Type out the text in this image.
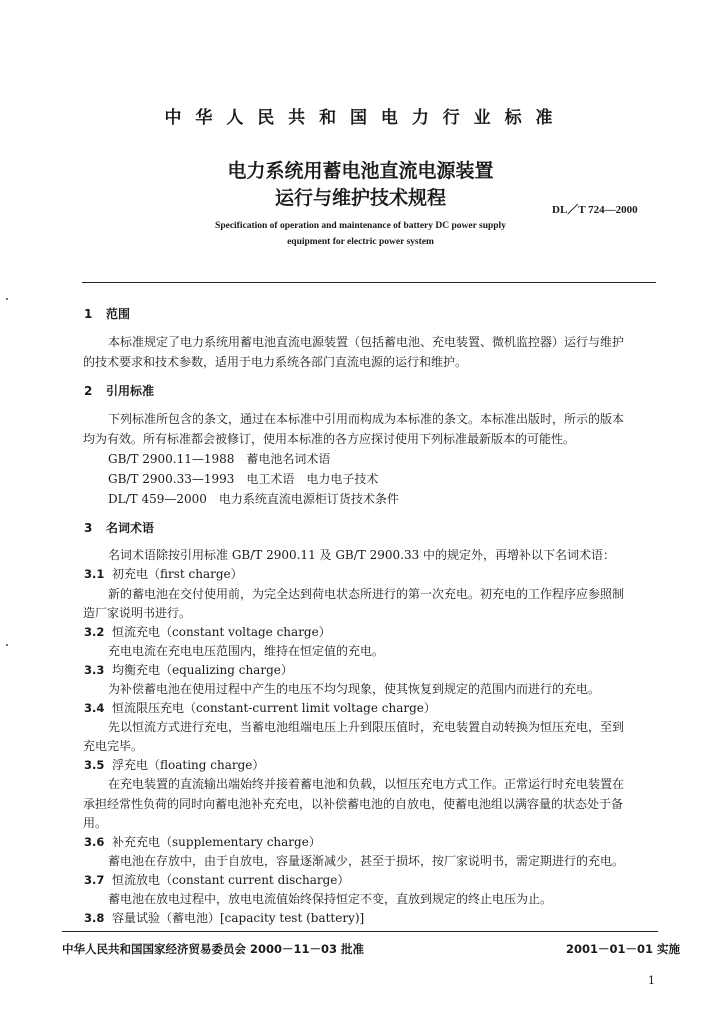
中 华 人 民 共 和 国 电 力 行 业 标 准
电力系统用蓄电池直流电源装置
运行与维护技术规程
DL／T 724—2000
Specification of operation and maintenance of battery DC power supply
equipment for electric power system
1 范围
本标准规定了电力系统用蓄电池直流电源装置（包括蓄电池、充电装置、微机监控器）运行与维护
的技术要求和技术参数，适用于电力系统各部门直流电源的运行和维护。
2 引用标准
下列标准所包含的条文，通过在本标准中引用而构成为本标准的条文。本标准出版时，所示的版本
均为有效。所有标准都会被修订，使用本标准的各方应探讨使用下列标准最新版本的可能性。
GB/T 2900.11—1988　蓄电池名词术语
GB/T 2900.33—1993　电工术语　电力电子技术
DL/T 459—2000　电力系统直流电源柜订货技术条件
3 名词术语
名词术语除按引用标准 GB/T 2900.11 及 GB/T 2900.33 中的规定外，再增补以下名词术语：
3.1 初充电（first charge）
新的蓄电池在交付使用前，为完全达到荷电状态所进行的第一次充电。初充电的工作程序应参照制
造厂家说明书进行。
3.2 恒流充电（constant voltage charge）
充电电流在充电电压范围内，维持在恒定值的充电。
3.3 均衡充电（equalizing charge）
为补偿蓄电池在使用过程中产生的电压不均匀现象，使其恢复到规定的范围内而进行的充电。
3.4 恒流限压充电（constant-current limit voltage charge）
先以恒流方式进行充电，当蓄电池组端电压上升到限压值时，充电装置自动转换为恒压充电，至到
充电完毕。
3.5 浮充电（floating charge）
在充电装置的直流输出端始终并接着蓄电池和负载，以恒压充电方式工作。正常运行时充电装置在
承担经常性负荷的同时向蓄电池补充充电，以补偿蓄电池的自放电，使蓄电池组以满容量的状态处于备
用。
3.6 补充充电（supplementary charge）
蓄电池在存放中，由于自放电，容量逐渐减少，甚至于损坏，按厂家说明书，需定期进行的充电。
3.7 恒流放电（constant current discharge）
蓄电池在放电过程中，放电电流值始终保持恒定不变，直放到规定的终止电压为止。
3.8 容量试验（蓄电池）[capacity test (battery)]
中华人民共和国国家经济贸易委员会 2000－11－03 批准	2001－01－01 实施
1
